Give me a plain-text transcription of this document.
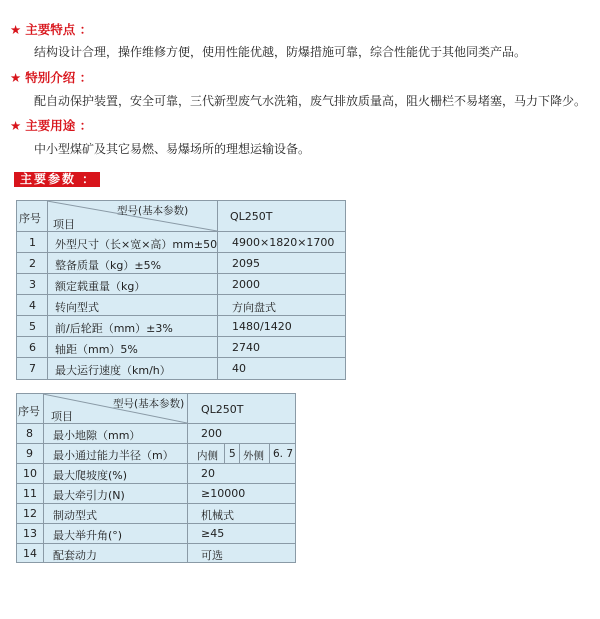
★ 主要特点 ：
结构设计合理，操作维修方便，使用性能优越，防爆措施可靠，综合性能优于其他同类产品。
★ 特别介绍 ：
配自动保护装置，安全可靠，三代新型废气水洗箱，废气排放质量高，阻火栅栏不易堵塞，马力下降少。
★ 主要用途 ：
中小型煤矿及其它易燃、易爆场所的理想运输设备。
主要参数 ：
序号 项目
型号(基本参数)	QL250T
1 外型尺寸（长×宽×高）mm±50 4900×1820×1700
2 整备质量（kg）±5%	2095
3 额定载重量（kg）	2000
4 转向型式	方向盘式
5 前/后轮距（mm）±3%	1480/1420
6 轴距（mm）5%	2740
7 最大运行速度（km/h）	40
序号 项目
型号(基本参数) QL250T
8 最小地隙（mm）	200
9 最小通过能力半径（m） 内侧 5 外侧 6. 7
10 最大爬坡度(%)	20
11 最大牵引力(N)	≥10000
12 制动型式	机械式
13 最大举升角(°)	≥45
14 配套动力	可选
